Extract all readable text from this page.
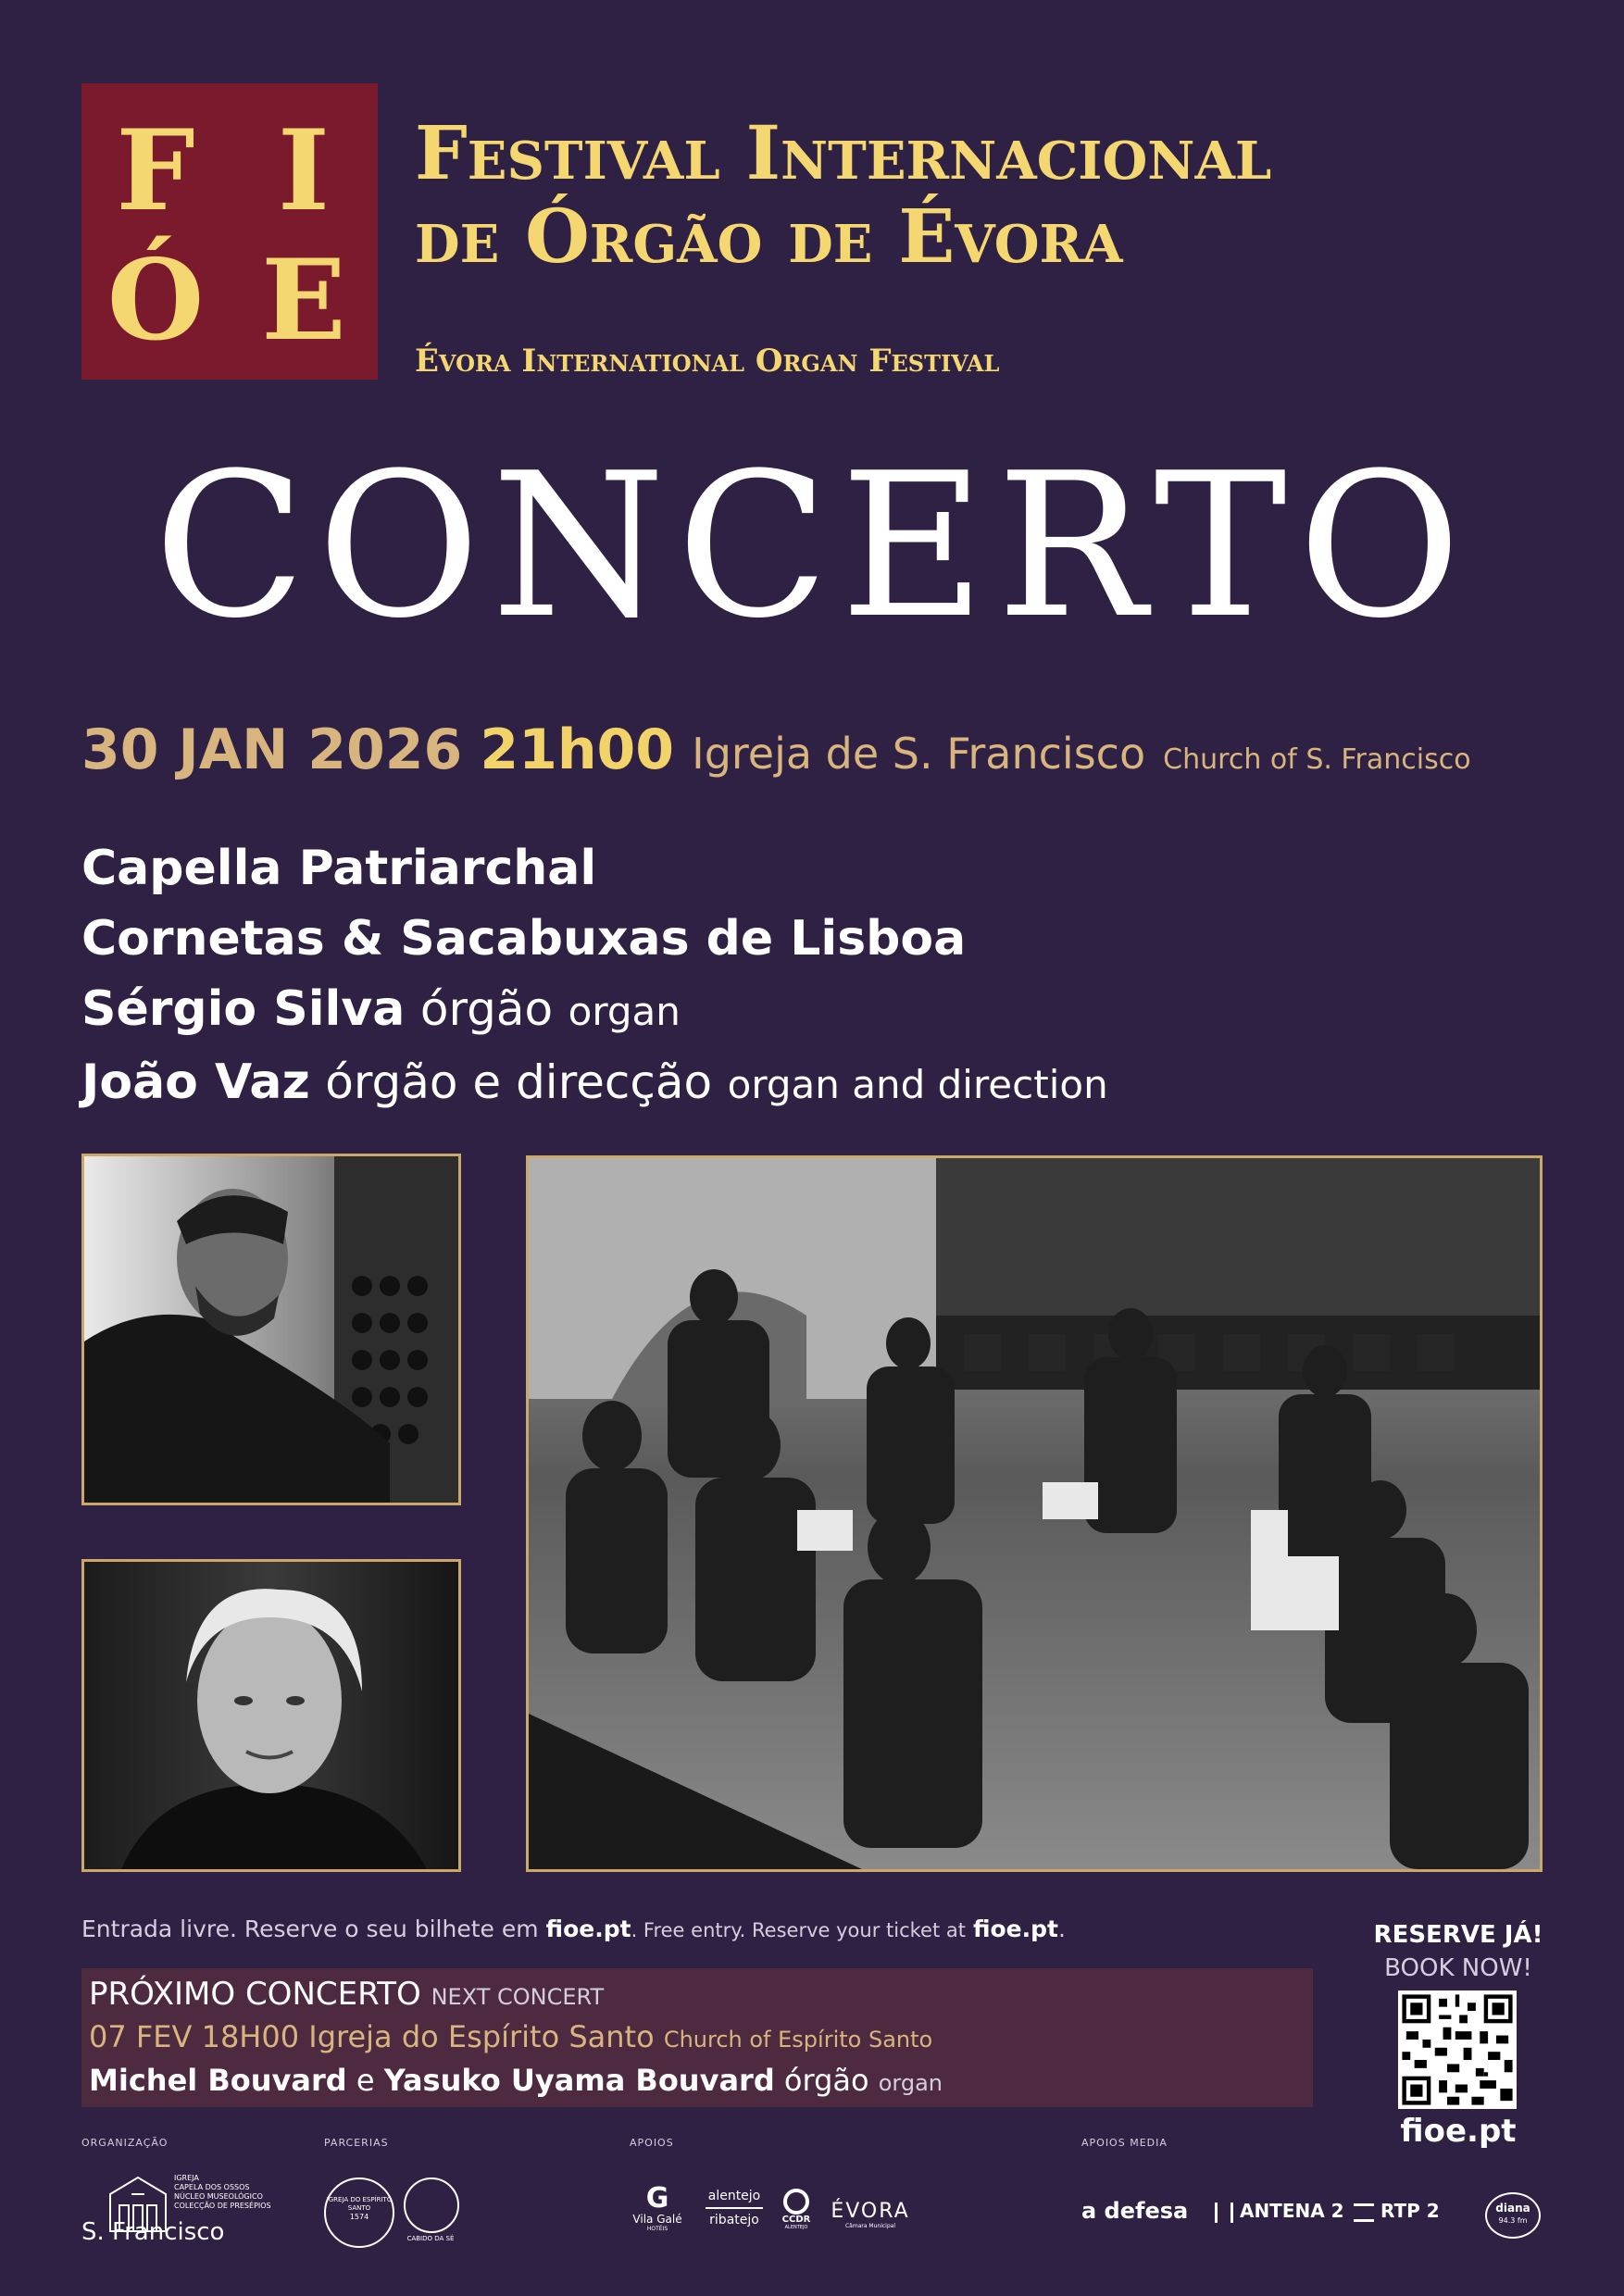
F I
Ó E
Festival Internacional
de Órgão de Évora
Évora International Organ Festival
CONCERTO
30 JAN 2026 21h00 Igreja de S. Francisco Church of S. Francisco
Capella Patriarchal
Cornetas & Sacabuxas de Lisboa
Sérgio Silva órgão organ
João Vaz órgão e direcção organ and direction
Entrada livre. Reserve o seu bilhete em fioe.pt. Free entry. Reserve your ticket at fioe.pt.
PRÓXIMO CONCERTO NEXT CONCERT
07 FEV 18H00 Igreja do Espírito Santo Church of Espírito Santo
Michel Bouvard e Yasuko Uyama Bouvard órgão organ
RESERVE JÁ!
BOOK NOW!
fioe.pt
ORGANIZAÇÃO	PARCERIAS	APOIOS	APOIOS MEDIA
IGREJA
CAPELA DOS OSSOS
NÚCLEO MUSEOLÓGICO
COLECÇÃO DE PRESÉPIOS
S. Francisco
IGREJA DO ESPÍRITO SANTO
1574
CABIDO DA SÉ
G
Vila Galé
HOTÉIS
alentejo
ribatejo	CCDR
ALENTEJO
ÉVORA
Câmara Municipal
a defesa	ANTENA 2	RTP 2	diana
94.3 fm
